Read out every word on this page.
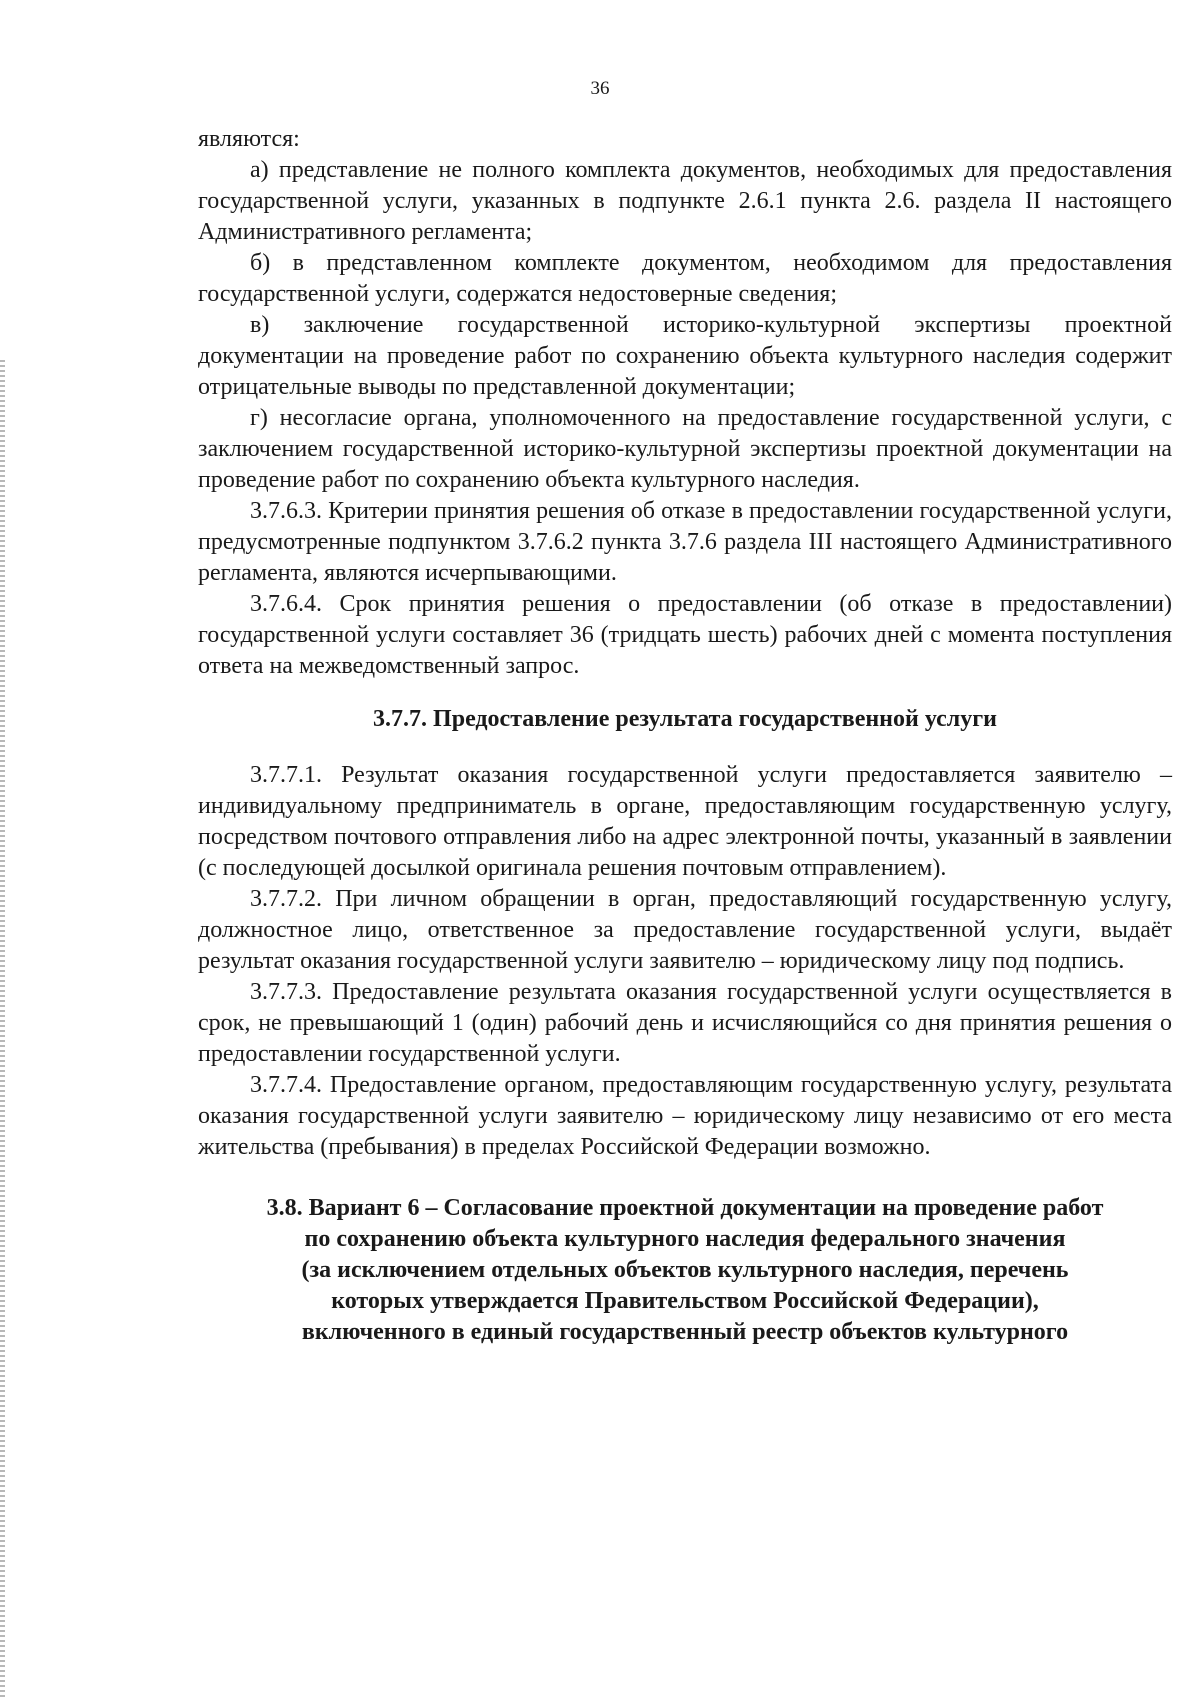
36

являются:

а) представление не полного комплекта документов, необходимых для предоставления государственной услуги, указанных в подпункте 2.6.1 пункта 2.6. раздела II настоящего Административного регламента;

б) в представленном комплекте документом, необходимом для предоставления государственной услуги, содержатся недостоверные сведения;

в) заключение государственной историко-культурной экспертизы проектной документации на проведение работ по сохранению объекта культурного наследия содержит отрицательные выводы по представленной документации;

г) несогласие органа, уполномоченного на предоставление государственной услуги, с заключением государственной историко-культурной экспертизы проектной документации на проведение работ по сохранению объекта культурного наследия.

3.7.6.3. Критерии принятия решения об отказе в предоставлении государственной услуги, предусмотренные подпунктом 3.7.6.2 пункта 3.7.6 раздела III настоящего Административного регламента, являются исчерпывающими.

3.7.6.4. Срок принятия решения о предоставлении (об отказе в предоставлении) государственной услуги составляет 36 (тридцать шесть) рабочих дней с момента поступления ответа на межведомственный запрос.

3.7.7. Предоставление результата государственной услуги

3.7.7.1. Результат оказания государственной услуги предоставляется заявителю – индивидуальному предприниматель в органе, предоставляющим государственную услугу, посредством почтового отправления либо на адрес электронной почты, указанный в заявлении (с последующей досылкой оригинала решения почтовым отправлением).

3.7.7.2. При личном обращении в орган, предоставляющий государственную услугу, должностное лицо, ответственное за предоставление государственной услуги, выдаёт результат оказания государственной услуги заявителю – юридическому лицу под подпись.

3.7.7.3. Предоставление результата оказания государственной услуги осуществляется в срок, не превышающий 1 (один) рабочий день и исчисляющийся со дня принятия решения о предоставлении государственной услуги.

3.7.7.4. Предоставление органом, предоставляющим государственную услугу, результата оказания государственной услуги заявителю – юридическому лицу независимо от его места жительства (пребывания) в пределах Российской Федерации возможно.

3.8. Вариант 6 – Согласование проектной документации на проведение работ
по сохранению объекта культурного наследия федерального значения
(за исключением отдельных объектов культурного наследия, перечень
которых утверждается Правительством Российской Федерации),
включенного в единый государственный реестр объектов культурного
